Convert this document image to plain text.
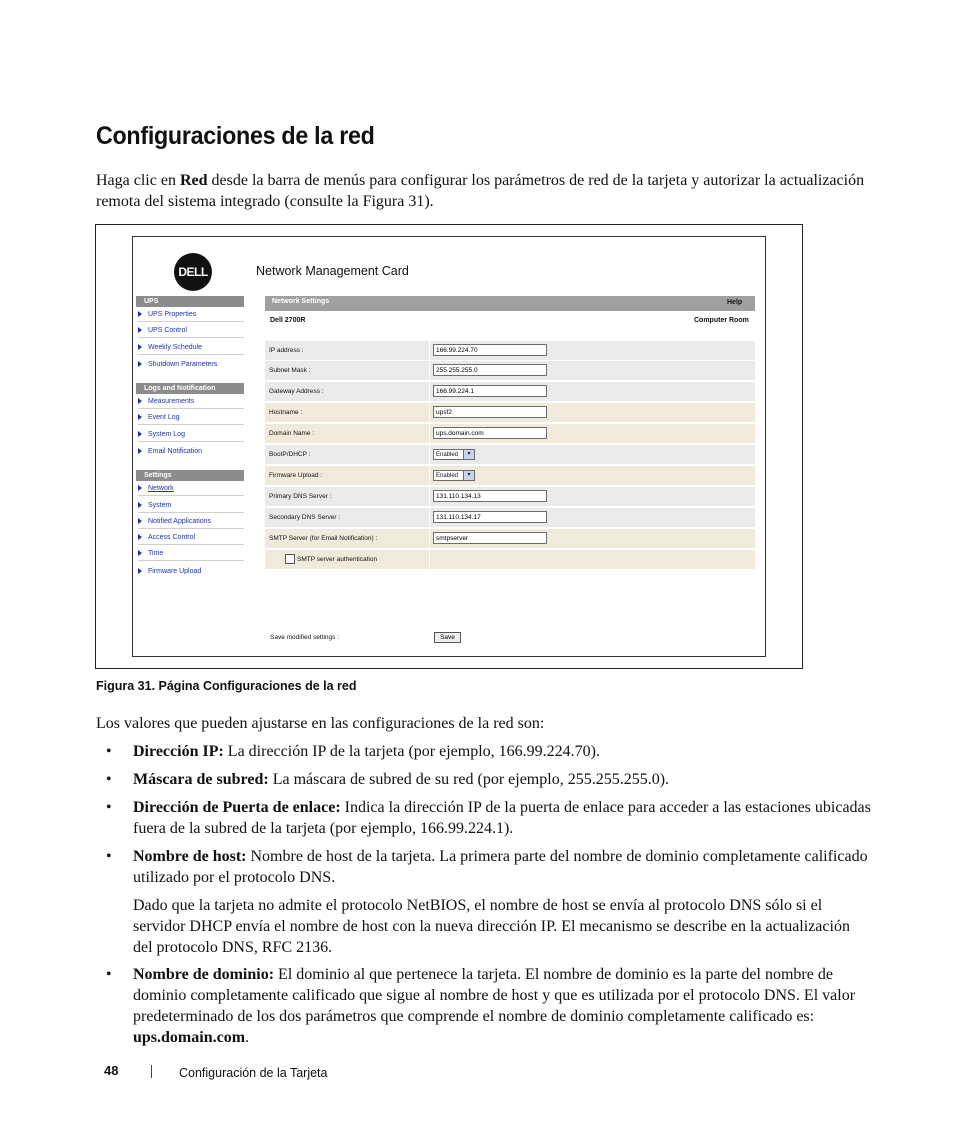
Configuraciones de la red
Haga clic en Red desde la barra de menús para configurar los parámetros de red de la tarjeta y autorizar la actualización remota del sistema integrado (consulte la Figura 31).
DELL	Network Management Card
UPS
UPS Properties
UPS Control
Weekly Schedule
Shutdown Parameters
Logs and Notification
Measurements
Event Log
System Log
Email Notification
Settings
Network
System
Notified Applications
Access Control
Time
Firmware Upload
Network Settings	Help
Dell 2700R	Computer Room
IP address :
166.99.224.70
Subnet Mask :
255.255.255.0
Gateway Address :
166.99.224.1
Hostname :
upsf2
Domain Name :
ups.domain.com
BootP/DHCP :	Enabled	▾
Firmware Upload :	Enabled	▾
Primary DNS Server :
131.110.134.13
Secondary DNS Server :
131.110.134.17
SMTP Server (for Email Notification) :
smtpserver
SMTP server authentication
Save modified settings :	Save
Figura 31. Página Configuraciones de la red
Los valores que pueden ajustarse en las configuraciones de la red son:
• Dirección IP: La dirección IP de la tarjeta (por ejemplo, 166.99.224.70).
• Máscara de subred: La máscara de subred de su red (por ejemplo, 255.255.255.0).
• Dirección de Puerta de enlace: Indica la dirección IP de la puerta de enlace para acceder a las estaciones ubicadas fuera de la subred de la tarjeta (por ejemplo, 166.99.224.1).
• Nombre de host: Nombre de host de la tarjeta. La primera parte del nombre de dominio completamente calificado utilizado por el protocolo DNS.
Dado que la tarjeta no admite el protocolo NetBIOS, el nombre de host se envía al protocolo DNS sólo si el servidor DHCP envía el nombre de host con la nueva dirección IP. El mecanismo se describe en la actualización del protocolo DNS, RFC 2136.
• Nombre de dominio: El dominio al que pertenece la tarjeta. El nombre de dominio es la parte del nombre de dominio completamente calificado que sigue al nombre de host y que es utilizada por el protocolo DNS. El valor predeterminado de los dos parámetros que comprende el nombre de dominio completamente calificado es: ups.domain.com.
48	Configuración de la Tarjeta
